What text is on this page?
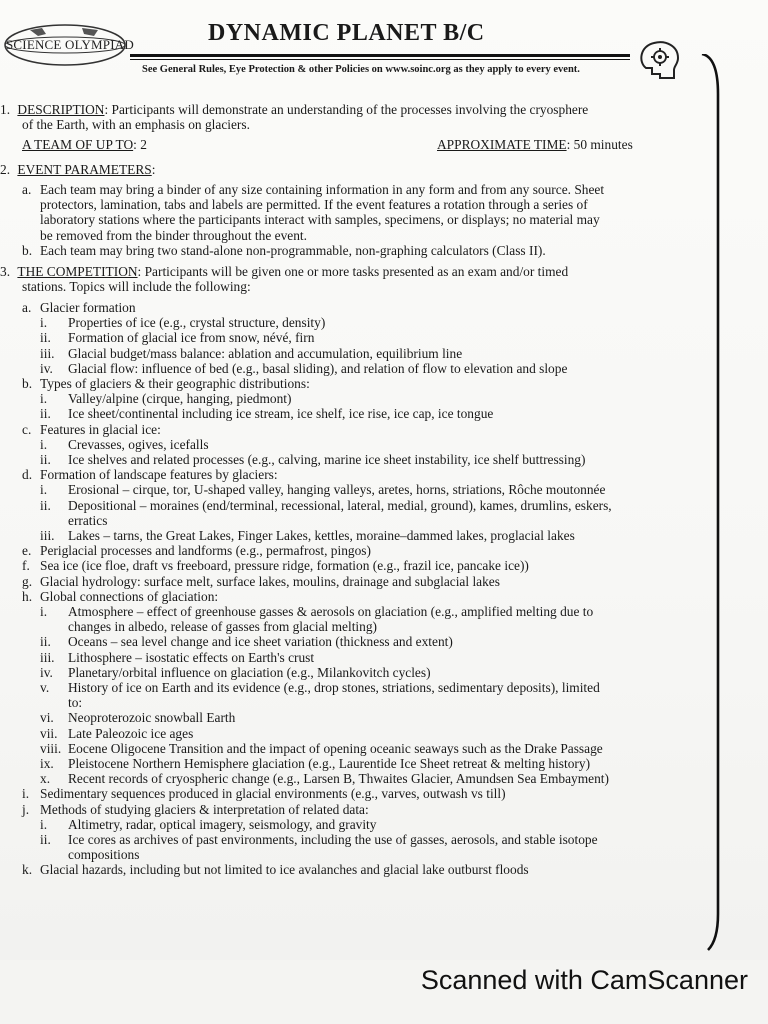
SCIENCE OLYMPIAD	DYNAMIC PLANET B/C
See General Rules, Eye Protection & other Policies on www.soinc.org as they apply to every event.
1. DESCRIPTION: Participants will demonstrate an understanding of the processes involving the cryosphere
of the Earth, with an emphasis on glaciers.
A TEAM OF UP TO: 2	APPROXIMATE TIME: 50 minutes
2. EVENT PARAMETERS:
a. Each team may bring a binder of any size containing information in any form and from any source. Sheet
protectors, lamination, tabs and labels are permitted. If the event features a rotation through a series of
laboratory stations where the participants interact with samples, specimens, or displays; no material may
be removed from the binder throughout the event.
b. Each team may bring two stand-alone non-programmable, non-graphing calculators (Class II).
3. THE COMPETITION: Participants will be given one or more tasks presented as an exam and/or timed
stations. Topics will include the following:
a. Glacier formation
i. Properties of ice (e.g., crystal structure, density)
ii. Formation of glacial ice from snow, névé, firn
iii. Glacial budget/mass balance: ablation and accumulation, equilibrium line
iv. Glacial flow: influence of bed (e.g., basal sliding), and relation of flow to elevation and slope
b. Types of glaciers & their geographic distributions:
i. Valley/alpine (cirque, hanging, piedmont)
ii. Ice sheet/continental including ice stream, ice shelf, ice rise, ice cap, ice tongue
c. Features in glacial ice:
i. Crevasses, ogives, icefalls
ii. Ice shelves and related processes (e.g., calving, marine ice sheet instability, ice shelf buttressing)
d. Formation of landscape features by glaciers:
i. Erosional – cirque, tor, U-shaped valley, hanging valleys, aretes, horns, striations, Rôche moutonnée
ii. Depositional – moraines (end/terminal, recessional, lateral, medial, ground), kames, drumlins, eskers,
erratics
iii. Lakes – tarns, the Great Lakes, Finger Lakes, kettles, moraine–dammed lakes, proglacial lakes
e. Periglacial processes and landforms (e.g., permafrost, pingos)
f. Sea ice (ice floe, draft vs freeboard, pressure ridge, formation (e.g., frazil ice, pancake ice))
g. Glacial hydrology: surface melt, surface lakes, moulins, drainage and subglacial lakes
h. Global connections of glaciation:
i. Atmosphere – effect of greenhouse gasses & aerosols on glaciation (e.g., amplified melting due to
changes in albedo, release of gasses from glacial melting)
ii. Oceans – sea level change and ice sheet variation (thickness and extent)
iii. Lithosphere – isostatic effects on Earth's crust
iv. Planetary/orbital influence on glaciation (e.g., Milankovitch cycles)
v. History of ice on Earth and its evidence (e.g., drop stones, striations, sedimentary deposits), limited
to:
vi. Neoproterozoic snowball Earth
vii. Late Paleozoic ice ages
viii. Eocene Oligocene Transition and the impact of opening oceanic seaways such as the Drake Passage
ix. Pleistocene Northern Hemisphere glaciation (e.g., Laurentide Ice Sheet retreat & melting history)
x. Recent records of cryospheric change (e.g., Larsen B, Thwaites Glacier, Amundsen Sea Embayment)
i. Sedimentary sequences produced in glacial environments (e.g., varves, outwash vs till)
j. Methods of studying glaciers & interpretation of related data:
i. Altimetry, radar, optical imagery, seismology, and gravity
ii. Ice cores as archives of past environments, including the use of gasses, aerosols, and stable isotope
compositions
k. Glacial hazards, including but not limited to ice avalanches and glacial lake outburst floods
Scanned with CamScanner
